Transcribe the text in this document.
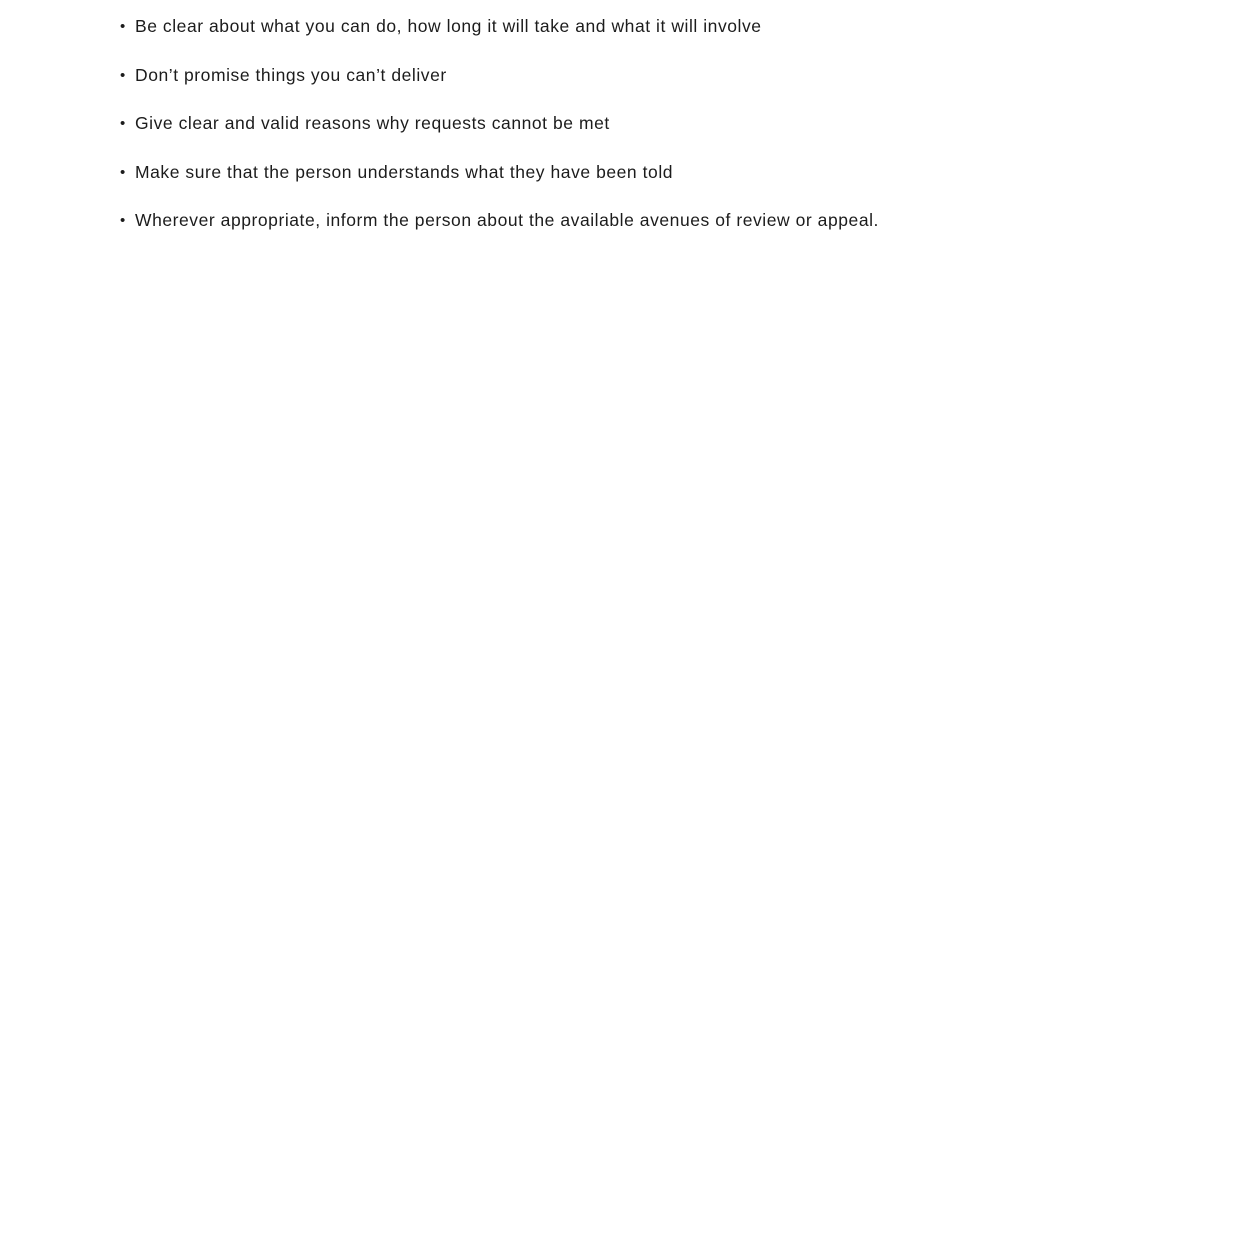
• Be clear about what you can do, how long it will take and what it will involve
• Don’t promise things you can’t deliver
• Give clear and valid reasons why requests cannot be met
• Make sure that the person understands what they have been told
• Wherever appropriate, inform the person about the available avenues of review or appeal.
